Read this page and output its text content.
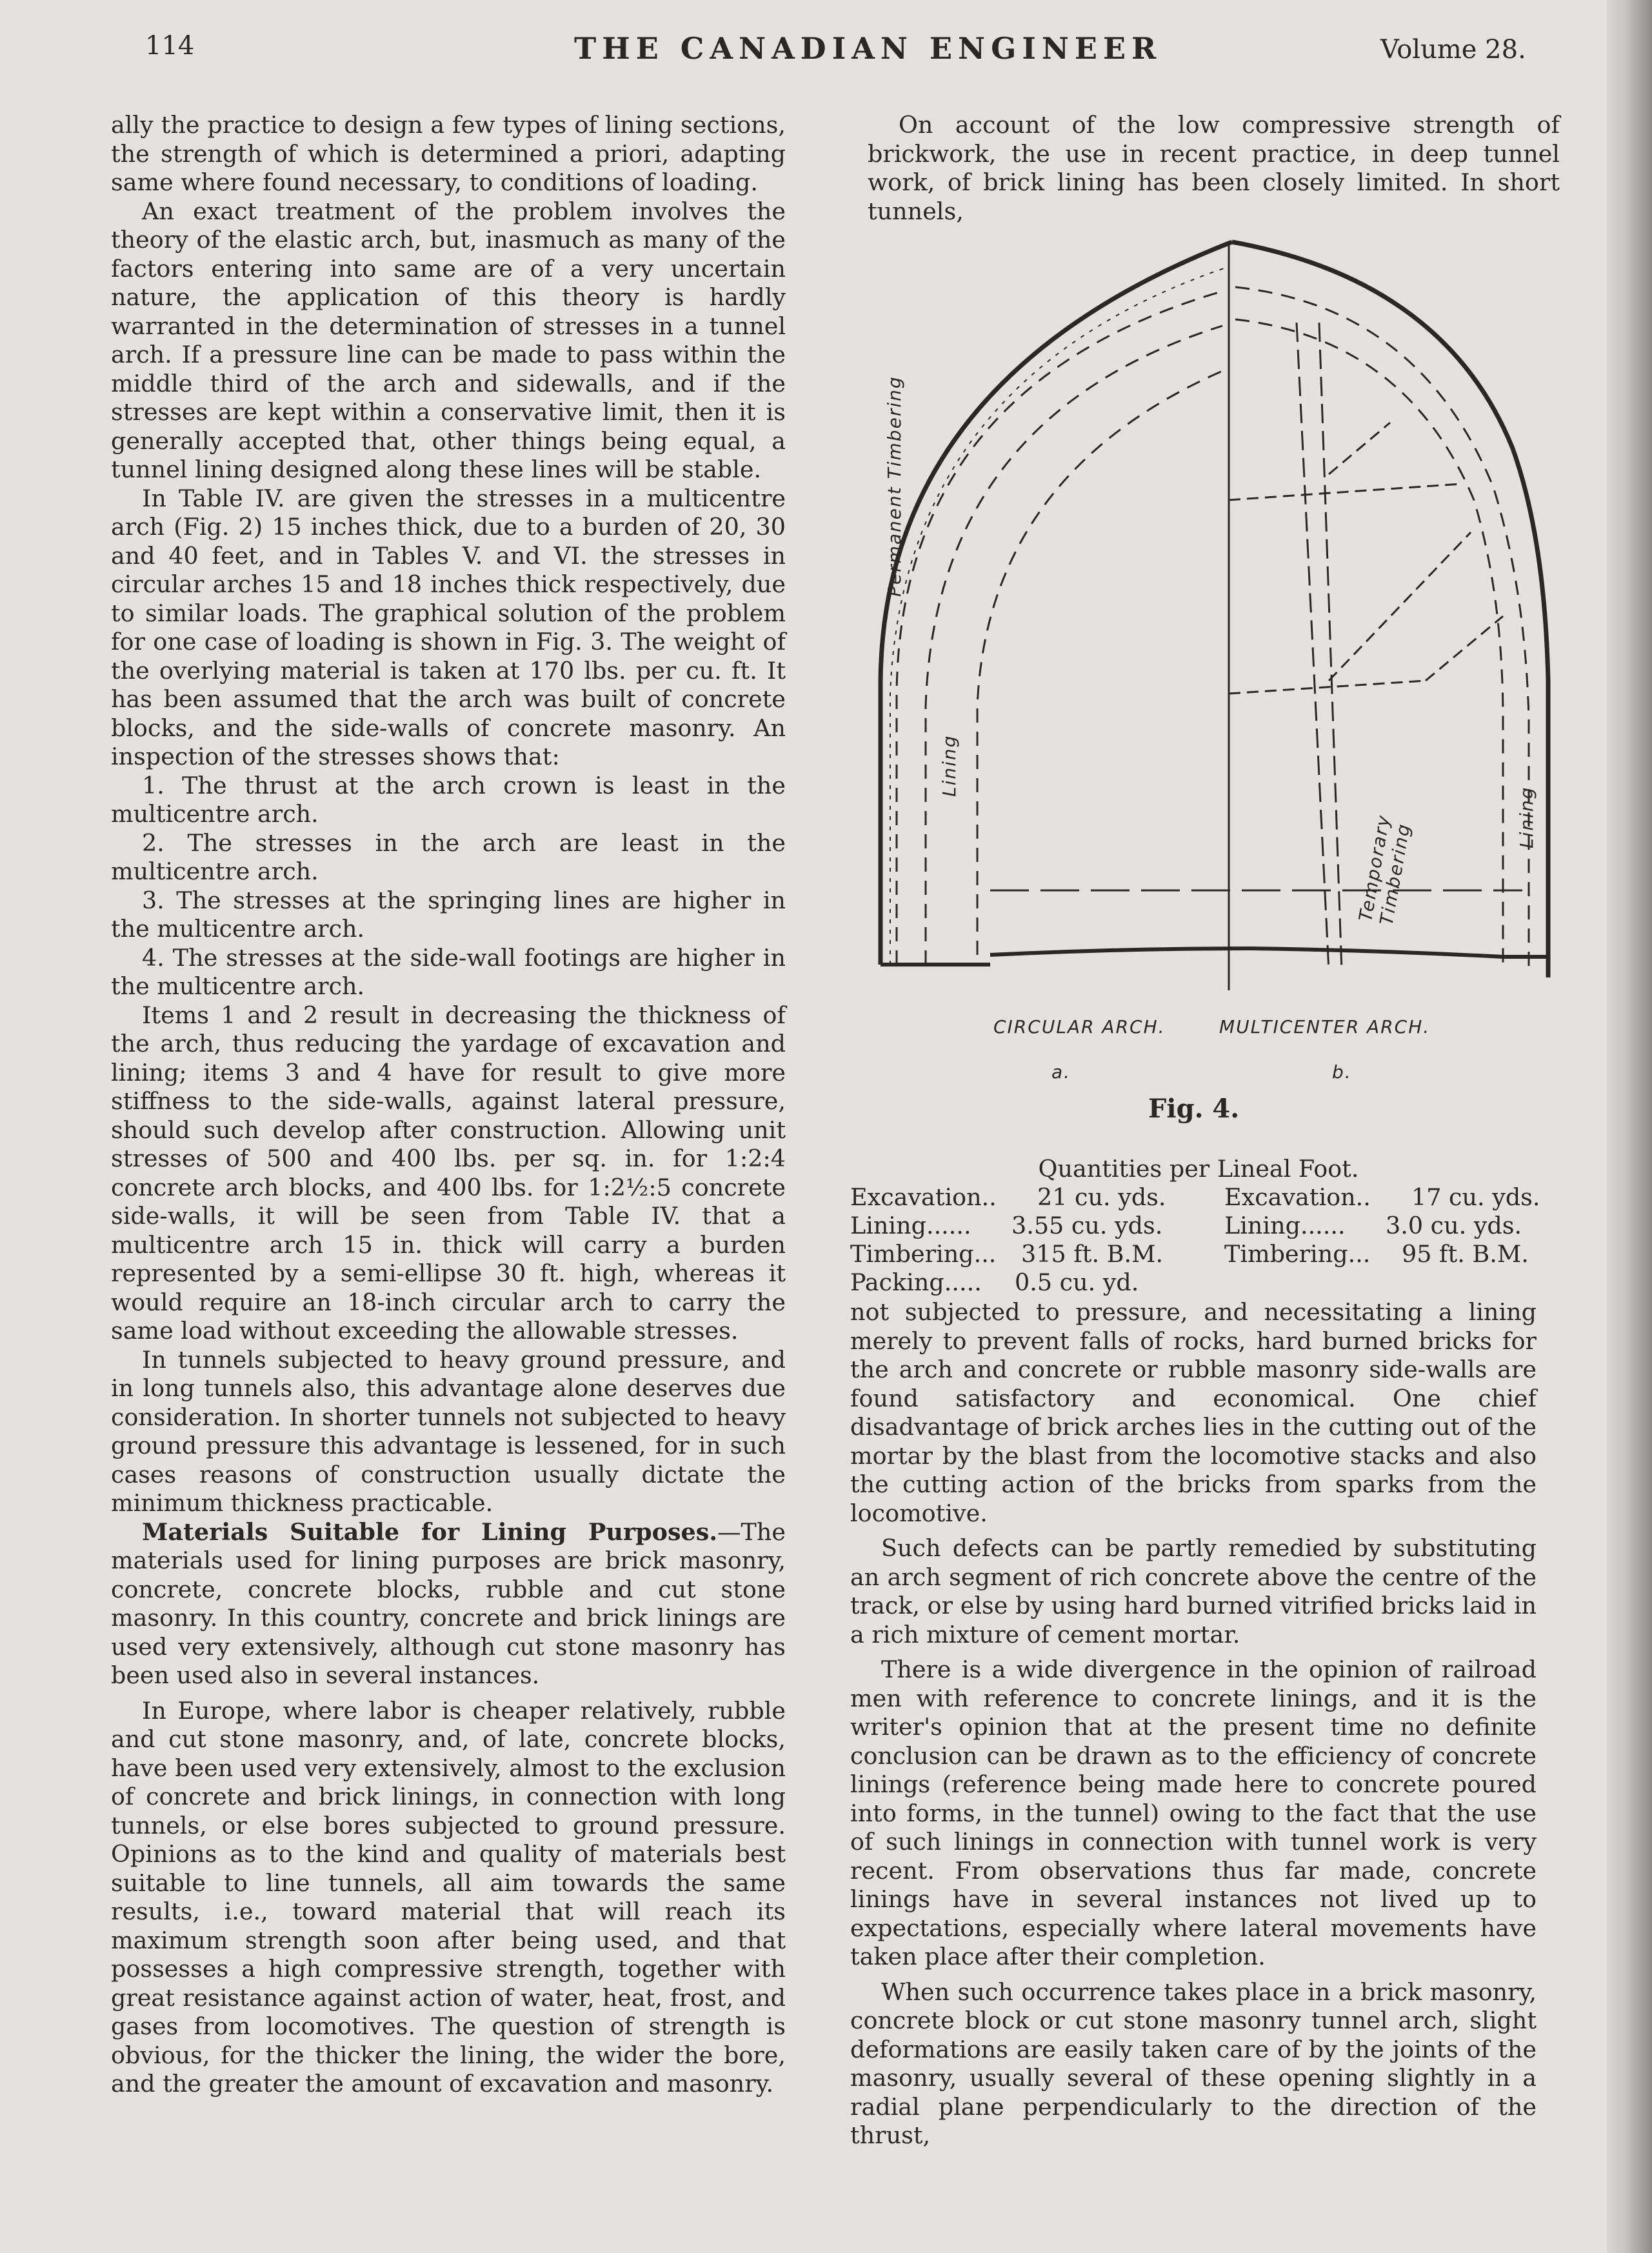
114	THE CANADIAN ENGINEER	Volume 28.

ally the practice to design a few types of lining sections, the strength of which is determined a priori, adapting same where found necessary, to conditions of loading.

An exact treatment of the problem involves the theory of the elastic arch, but, inasmuch as many of the factors entering into same are of a very uncertain nature, the application of this theory is hardly warranted in the determination of stresses in a tunnel arch. If a pressure line can be made to pass within the middle third of the arch and sidewalls, and if the stresses are kept within a conservative limit, then it is generally accepted that, other things being equal, a tunnel lining designed along these lines will be stable.

In Table IV. are given the stresses in a multicentre arch (Fig. 2) 15 inches thick, due to a burden of 20, 30 and 40 feet, and in Tables V. and VI. the stresses in circular arches 15 and 18 inches thick respectively, due to similar loads. The graphical solution of the problem for one case of loading is shown in Fig. 3. The weight of the overlying material is taken at 170 lbs. per cu. ft. It has been assumed that the arch was built of concrete blocks, and the side-walls of concrete masonry. An inspection of the stresses shows that:

1. The thrust at the arch crown is least in the multicentre arch.

2. The stresses in the arch are least in the multicentre arch.

3. The stresses at the springing lines are higher in the multicentre arch.

4. The stresses at the side-wall footings are higher in the multicentre arch.

Items 1 and 2 result in decreasing the thickness of the arch, thus reducing the yardage of excavation and lining; items 3 and 4 have for result to give more stiffness to the side-walls, against lateral pressure, should such develop after construction. Allowing unit stresses of 500 and 400 lbs. per sq. in. for 1:2:4 concrete arch blocks, and 400 lbs. for 1:2½:5 concrete side-walls, it will be seen from Table IV. that a multicentre arch 15 in. thick will carry a burden represented by a semi-ellipse 30 ft. high, whereas it would require an 18-inch circular arch to carry the same load without exceeding the allowable stresses.

In tunnels subjected to heavy ground pressure, and in long tunnels also, this advantage alone deserves due consideration. In shorter tunnels not subjected to heavy ground pressure this advantage is lessened, for in such cases reasons of construction usually dictate the minimum thickness practicable.

Materials Suitable for Lining Purposes.—The materials used for lining purposes are brick masonry, concrete, concrete blocks, rubble and cut stone masonry. In this country, concrete and brick linings are used very extensively, although cut stone masonry has been used also in several instances.

In Europe, where labor is cheaper relatively, rubble and cut stone masonry, and, of late, concrete blocks, have been used very extensively, almost to the exclusion of concrete and brick linings, in connection with long tunnels, or else bores subjected to ground pressure. Opinions as to the kind and quality of materials best suitable to line tunnels, all aim towards the same results, i.e., toward material that will reach its maximum strength soon after being used, and that possesses a high compressive strength, together with great resistance against action of water, heat, frost, and gases from locomotives. The question of strength is obvious, for the thicker the lining, the wider the bore, and the greater the amount of excavation and masonry.

On account of the low compressive strength of brickwork, the use in recent practice, in deep tunnel work, of brick lining has been closely limited. In short tunnels,

Permanent Timbering
Lining
Temporary Timbering
Lining
CIRCULAR ARCH.	MULTICENTER ARCH.
a.	b.
Fig. 4.
Quantities per Lineal Foot.
Excavation.. 21 cu. yds. Excavation.. 17 cu. yds.
Lining...... 3.55 cu. yds.	Lining...... 3.0 cu. yds.
Timbering... 315 ft. B.M.	Timbering... 95 ft. B.M.
Packing..... 0.5 cu. yd.

not subjected to pressure, and necessitating a lining merely to prevent falls of rocks, hard burned bricks for the arch and concrete or rubble masonry side-walls are found satisfactory and economical. One chief disadvantage of brick arches lies in the cutting out of the mortar by the blast from the locomotive stacks and also the cutting action of the bricks from sparks from the locomotive.

Such defects can be partly remedied by substituting an arch segment of rich concrete above the centre of the track, or else by using hard burned vitrified bricks laid in a rich mixture of cement mortar.

There is a wide divergence in the opinion of railroad men with reference to concrete linings, and it is the writer's opinion that at the present time no definite conclusion can be drawn as to the efficiency of concrete linings (reference being made here to concrete poured into forms, in the tunnel) owing to the fact that the use of such linings in connection with tunnel work is very recent. From observations thus far made, concrete linings have in several instances not lived up to expectations, especially where lateral movements have taken place after their completion.

When such occurrence takes place in a brick masonry, concrete block or cut stone masonry tunnel arch, slight deformations are easily taken care of by the joints of the masonry, usually several of these opening slightly in a radial plane perpendicularly to the direction of the thrust,
